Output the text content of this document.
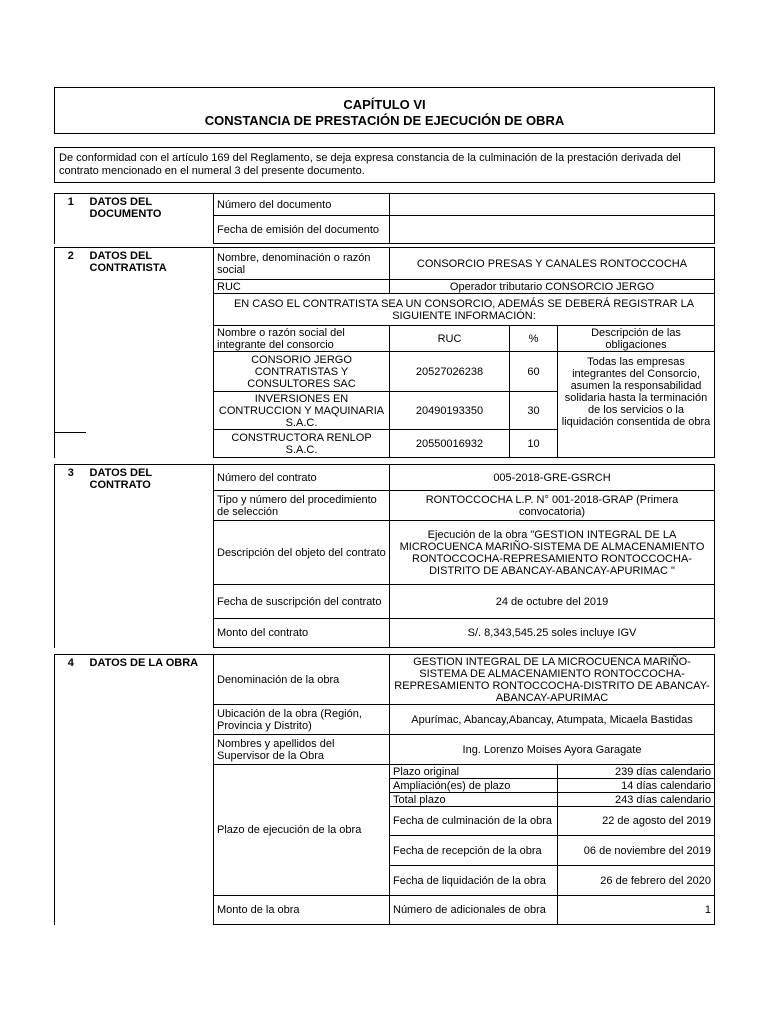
CAPÍTULO VI
CONSTANCIA DE PRESTACIÓN DE EJECUCIÓN DE OBRA
De conformidad con el artículo 169 del Reglamento, se deja expresa constancia de la culminación de la prestación derivada del contrato mencionado en el numeral 3 del presente documento.
1	DATOS DEL DOCUMENTO	Número del documento	
		Fecha de emisión del documento	
2	DATOS DEL CONTRATISTA	Nombre, denominación o razón social	CONSORCIO PRESAS Y CANALES RONTOCCOCHA		
		RUC	Operador tributario CONSORCIO JERGO		
		EN CASO EL CONTRATISTA SEA UN CONSORCIO, ADEMÁS SE DEBERÁ REGISTRAR LA SIGUIENTE INFORMACIÓN:			
		Nombre o razón social del integrante del consorcio	RUC	%	Descripción de las obligaciones
		CONSORIO JERGO CONTRATISTAS Y CONSULTORES SAC	20527026238	60	Todas las empresas integrantes del Consorcio, asumen la responsabilidad solidaria hasta la terminación de los servicios o la liquidación consentida de obra
		INVERSIONES EN CONTRUCCION Y MAQUINARIA S.A.C.	20490193350	30	
		CONSTRUCTORA RENLOP S.A.C.	20550016932	10	
3	DATOS DEL CONTRATO	Número del contrato	005-2018-GRE-GSRCH
		Tipo y número del procedimiento de selección	RONTOCCOCHA L.P. N° 001-2018-GRAP (Primera convocatoria)
		Descripción del objeto del contrato	Ejecución de la obra "GESTION INTEGRAL DE LA MICROCUENCA MARIÑO-SISTEMA DE ALMACENAMIENTO RONTOCCOCHA-REPRESAMIENTO RONTOCCOCHA-DISTRITO DE ABANCAY-ABANCAY-APURIMAC "
		Fecha de suscripción del contrato	24 de octubre del 2019
		Monto del contrato	S/. 8,343,545.25 soles incluye IGV
4	DATOS DE LA OBRA	Denominación de la obra	GESTION INTEGRAL DE LA MICROCUENCA MARIÑO-SISTEMA DE ALMACENAMIENTO RONTOCCOCHA-REPRESAMIENTO RONTOCCOCHA-DISTRITO DE ABANCAY-ABANCAY-APURIMAC	
		Ubicación de la obra (Región, Provincia y Distrito)	Apurímac, Abancay,Abancay, Atumpata, Micaela Bastidas	
		Nombres y apellidos del Supervisor de la Obra	Ing. Lorenzo Moises Ayora Garagate	
		Plazo de ejecución de la obra	Plazo original	239 días calendario
			Ampliación(es) de plazo	14 días calendario
			Total plazo	243 días calendario
			Fecha de culminación de la obra	22 de agosto del 2019
			Fecha de recepción de la obra	06 de noviembre del 2019
			Fecha de liquidación de la obra	26 de febrero del 2020
		Monto de la obra	Número de adicionales de obra	1
